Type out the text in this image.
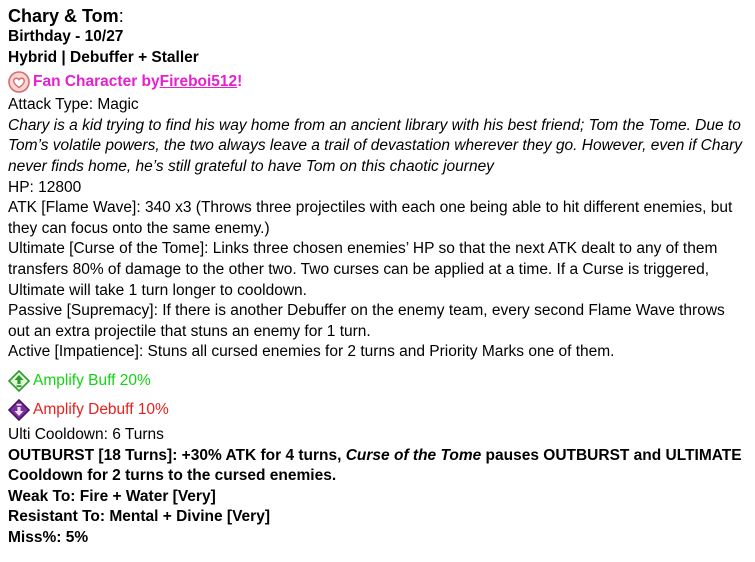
Chary & Tom:
Birthday - 10/27
Hybrid | Debuffer + Staller
Fan Character by Fireboi512 !
Attack Type: Magic
Chary is a kid trying to find his way home from an ancient library with his best friend; Tom the Tome. Due to Tom’s volatile powers, the two always leave a trail of devastation wherever they go. However, even if Chary never finds home, he’s still grateful to have Tom on this chaotic journey
HP: 12800
ATK [Flame Wave]: 340 x3 (Throws three projectiles with each one being able to hit different enemies, but they can focus onto the same enemy.)
Ultimate [Curse of the Tome]: Links three chosen enemies’ HP so that the next ATK dealt to any of them transfers 80% of damage to the other two. Two curses can be applied at a time. If a Curse is triggered, Ultimate will take 1 turn longer to cooldown.
Passive [Supremacy]: If there is another Debuffer on the enemy team, every second Flame Wave throws out an extra projectile that stuns an enemy for 1 turn.
Active [Impatience]: Stuns all cursed enemies for 2 turns and Priority Marks one of them.
Amplify Buff 20%
Amplify Debuff 10%
Ulti Cooldown: 6 Turns
OUTBURST [18 Turns]: +30% ATK for 4 turns, Curse of the Tome pauses OUTBURST and ULTIMATE Cooldown for 2 turns to the cursed enemies.
Weak To: Fire + Water [Very]
Resistant To: Mental + Divine [Very]
Miss%: 5%
